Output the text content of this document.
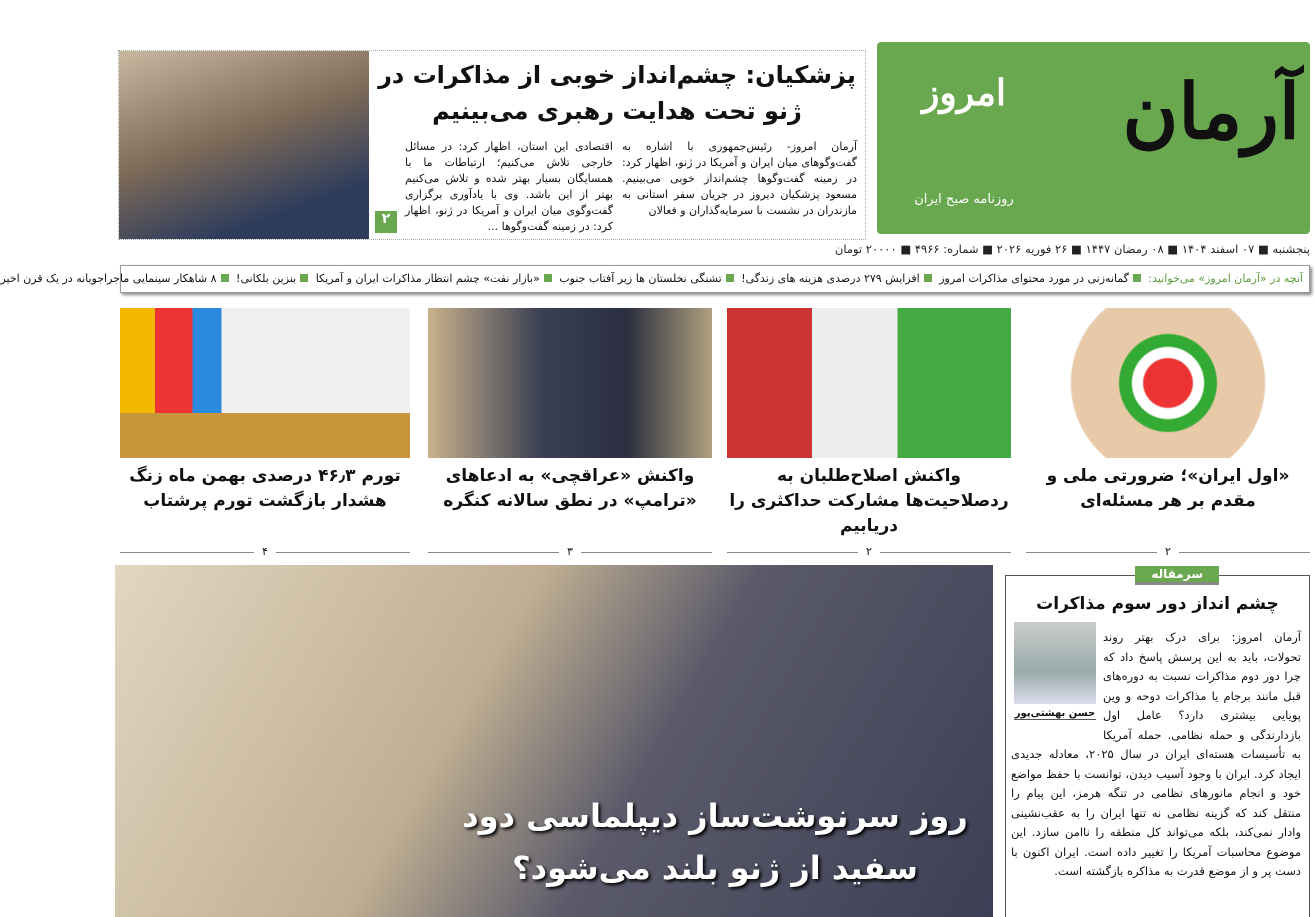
آرمان
امروز
روزنامه صبح ایران
پزشکیان: چشم‌انداز خوبی از مذاکرات در ژنو تحت هدایت رهبری می‌بینیم
آرمان امروز- رئیس‌جمهوری با اشاره به گفت‌وگوهای میان ایران و آمریکا در ژنو، اظهار کرد: در زمینه گفت‌وگوها چشم‌انداز خوبی می‌بینیم. مسعود پزشکیان دیروز در جریان سفر استانی به مازندران در نشست با سرمایه‌گذاران و فعالان
اقتصادی این استان، اظهار کرد: در مسائل خارجی تلاش می‌کنیم؛ ارتباطات ما با همسایگان بسیار بهتر شده و تلاش می‌کنیم بهتر از این باشد. وی با یادآوری برگزاری گفت‌وگوی میان ایران و آمریکا در ژنو، اظهار کرد: در زمینه گفت‌وگوها ...
۲
پنجشنبه ■ ۰۷ اسفند ۱۴۰۴ ■ ۰۸ رمضان ۱۴۴۷ ■ ۲۶ فوریه ۲۰۲۶ ■ شماره: ۴۹۶۶ ■ ۲۰۰۰۰ تومان
آنچه در «آرمان امروز» می‌خوانید: گمانه‌زنی در مورد محتوای مذاکرات امروز افزایش ۲۷۹ درصدی هزینه های زندگی! تشنگی نخلستان ها زیر آفتاب جنوب «بازار نفت» چشم انتظار مذاکرات ایران و آمریکا بنزین بلکانی! ۸ شاهکار سینمایی ماجراجویانه در یک قرن اخیر
«اول ایران»؛ ضرورتی ملی و مقدم بر هر مسئله‌ای
۲
واکنش اصلاح‌طلبان به ردصلاحیت‌ها مشارکت حداکثری را دریابیم
۲
واکنش «عراقچی» به ادعاهای «ترامپ» در نطق سالانه کنگره
۳
تورم ۴۶٫۳ درصدی بهمن ماه زنگ هشدار بازگشت تورم پرشتاب
۴
روز سرنوشت‌ساز دیپلماسی دود سفید از ژنو بلند می‌شود؟
سرمقاله
چشم انداز دور سوم مذاکرات
حسن بهشتی‌پور
آرمان امروز: برای درک بهتر روند تحولات، باید به این پرسش پاسخ داد که چرا دور دوم مذاکرات نسبت به دوره‌های قبل مانند برجام یا مذاکرات دوحه و وین پویایی بیشتری دارد؟ عامل اول بازدارندگی و حمله نظامی. حمله آمریکا به تأسیسات هسته‌ای ایران در سال ۲۰۲۵، معادله جدیدی ایجاد کرد. ایران با وجود آسیب دیدن، توانست با حفظ مواضع خود و انجام مانورهای نظامی در تنگه هرمز، این پیام را منتقل کند که گزینه نظامی نه تنها ایران را به عقب‌نشینی وادار نمی‌کند، بلکه می‌تواند کل منطقه را ناامن سازد. این موضوع محاسبات آمریکا را تغییر داده است. ایران اکنون با دست پر و از موضع قدرت به مذاکره بازگشته است.
